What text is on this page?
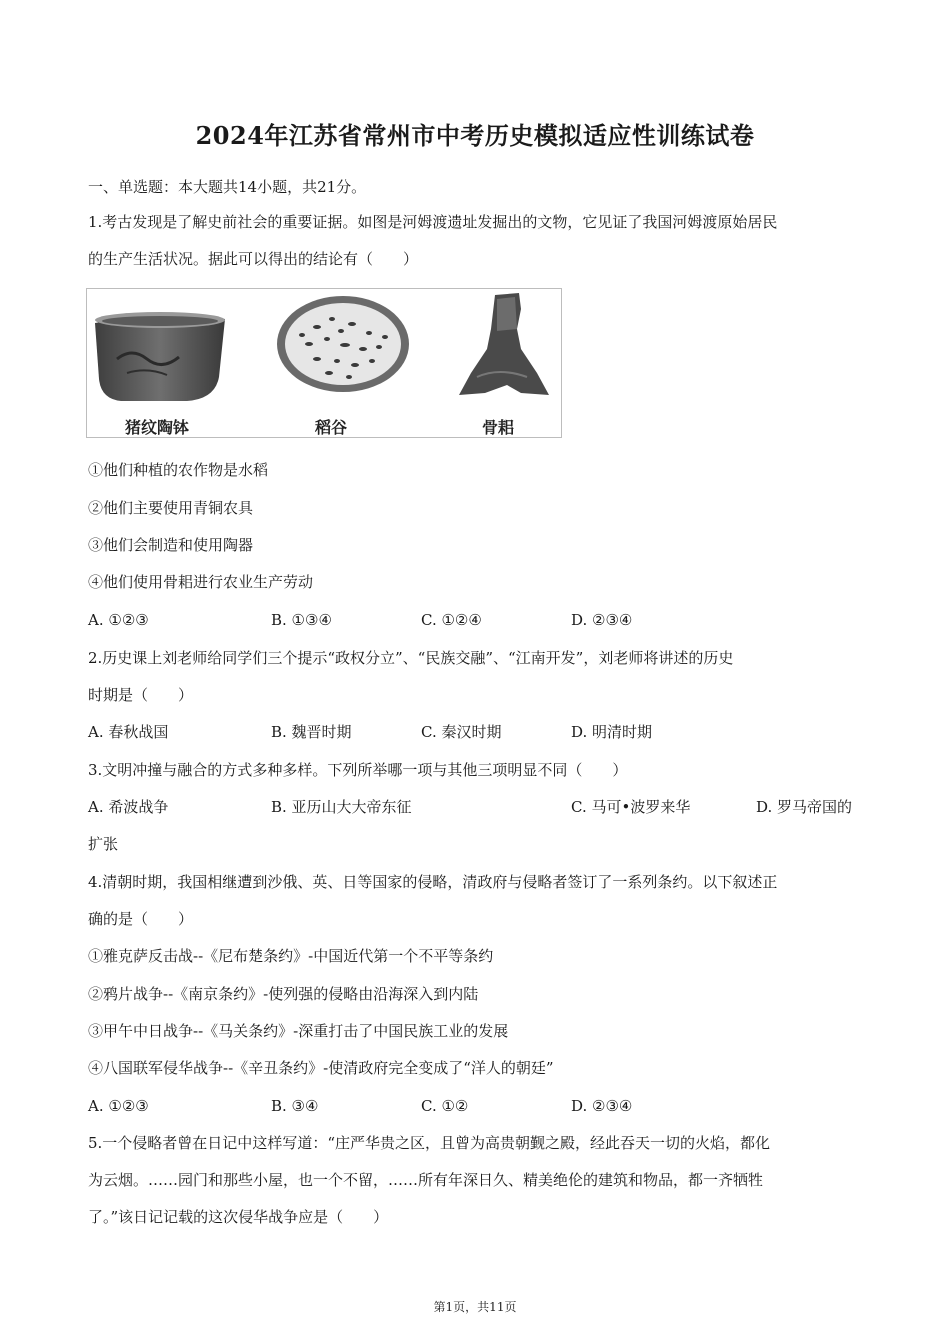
2024年江苏省常州市中考历史模拟适应性训练试卷
一、单选题：本大题共14小题，共21分。
1.考古发现是了解史前社会的重要证据。如图是河姆渡遗址发掘出的文物，它见证了我国河姆渡原始居民
的生产生活状况。据此可以得出的结论有（　　）
猪纹陶钵	稻谷	骨耜
①他们种植的农作物是水稻
②他们主要使用青铜农具
③他们会制造和使用陶器
④他们使用骨耜进行农业生产劳动
A. ①②③	B. ①③④	C. ①②④	D. ②③④
2.历史课上刘老师给同学们三个提示“政权分立”、“民族交融”、“江南开发”，刘老师将讲述的历史
时期是（　　）
A. 春秋战国	B. 魏晋时期	C. 秦汉时期	D. 明清时期
3.文明冲撞与融合的方式多种多样。下列所举哪一项与其他三项明显不同（　　）
A. 希波战争	B. 亚历山大大帝东征	C. 马可•波罗来华	D. 罗马帝国的
扩张
4.清朝时期，我国相继遭到沙俄、英、日等国家的侵略，清政府与侵略者签订了一系列条约。以下叙述正
确的是（　　）
①雅克萨反击战--《尼布楚条约》-中国近代第一个不平等条约
②鸦片战争--《南京条约》-使列强的侵略由沿海深入到内陆
③甲午中日战争--《马关条约》-深重打击了中国民族工业的发展
④八国联军侵华战争--《辛丑条约》-使清政府完全变成了“洋人的朝廷”
A. ①②③	B. ③④	C. ①②	D. ②③④
5.一个侵略者曾在日记中这样写道：“庄严华贵之区，且曾为高贵朝觐之殿，经此吞天一切的火焰，都化
为云烟。……园门和那些小屋，也一个不留，……所有年深日久、精美绝伦的建筑和物品，都一齐牺牲
了。”该日记记载的这次侵华战争应是（　　）
第1页，共11页
